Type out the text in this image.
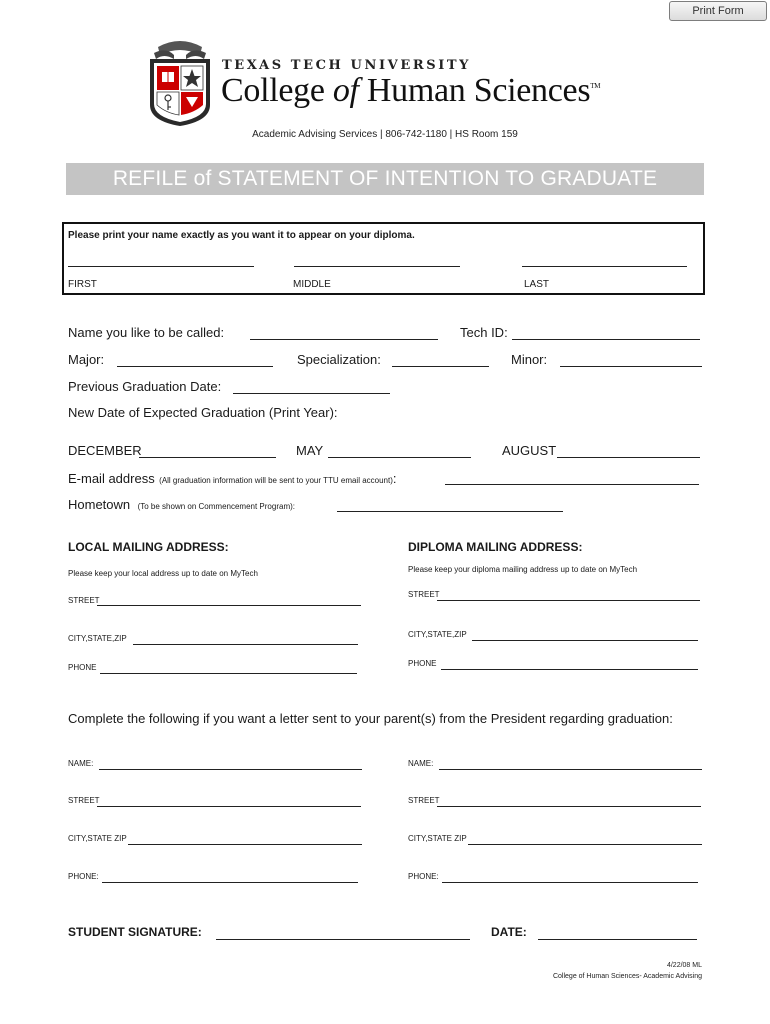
Print Form
TEXAS TECH UNIVERSITY
College of Human Sciences™
Academic Advising Services | 806-742-1180 | HS Room 159
REFILE of STATEMENT OF INTENTION TO GRADUATE
Please print your name exactly as you want it to appear on your diploma.
FIRST	MIDDLE	LAST
Name you like to be called:	Tech ID:
Major:	Specialization:	Minor:
Previous Graduation Date:
New Date of Expected Graduation (Print Year):
DECEMBER	MAY	AUGUST
E-mail address (All graduation information will be sent to your TTU email account):
Hometown (To be shown on Commencement Program):
LOCAL MAILING ADDRESS:
Please keep your local address up to date on MyTech
STREET
CITY,STATE,ZIP
PHONE
DIPLOMA MAILING ADDRESS:
Please keep your diploma mailing address up to date on MyTech
STREET
CITY,STATE,ZIP
PHONE
Complete the following if you want a letter sent to your parent(s) from the President regarding graduation:
NAME:	NAME:
STREET	STREET
CITY,STATE ZIP	CITY,STATE ZIP
PHONE:	PHONE:
STUDENT SIGNATURE:	DATE:
4/22/08 ML
College of Human Sciences- Academic Advising
